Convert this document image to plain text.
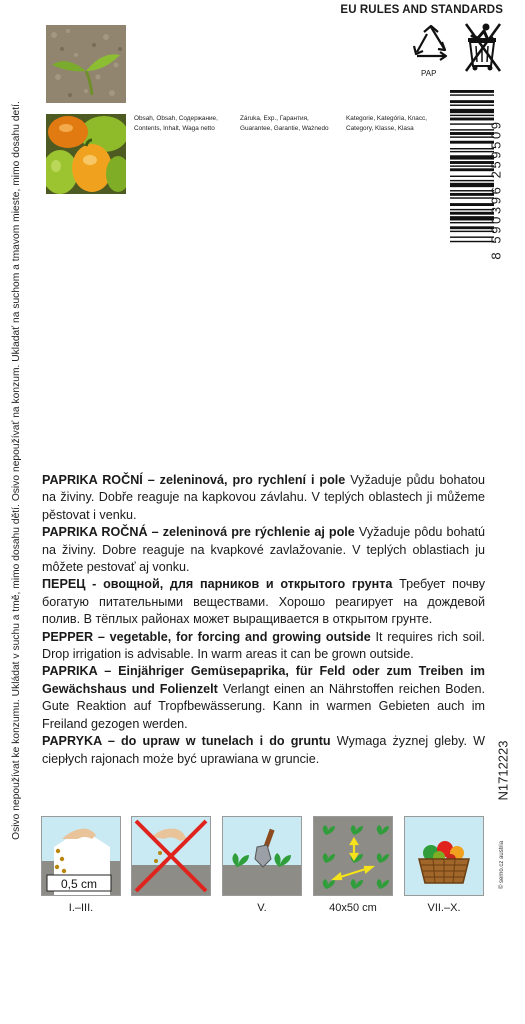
Osivo nepoužívat ke konzumu. Ukládat v suchu a tmě, mimo dosahu dětí. Osivo nepoužívať na konzum. Ukladať na suchom a tmavom mieste, mimo dosahu detí.
EU RULES AND STANDARDS
Obsah, Obsah, Содержание,
Contents, Inhalt, Waga netto
Záruka, Exp., Гарантия,
Guarantee, Garantie, Ważnedo
Kategorie, Kategória, Класс,
Category, Klasse, Klasa
PAP
8 590396 259509

PAPRIKA ROČNÍ – zeleninová, pro rychlení i pole Vyžaduje půdu bohatou na živiny. Dobře reaguje na kapkovou závlahu. V teplých oblastech ji můžeme pěstovat i venku.

PAPRIKA ROČNÁ – zeleninová pre rýchlenie aj pole Vyžaduje pôdu bohatú na živiny. Dobre reaguje na kvapkové zavlažovanie. V teplých oblastiach ju môžete pestovať aj vonku.

ПЕРЕЦ - овощной, для парников и открытого грунта Требует почву богатую питательными веществами. Хорошо реагирует на дождевой полив. В тёплых районах может выращивается в открытом грунте.

PEPPER – vegetable, for forcing and growing outside It requires rich soil. Drop irrigation is advisable. In warm areas it can be grown outside.

PAPRIKA – Einjähriger Gemüsepaprika, für Feld oder zum Treiben im Gewächshaus und Folienzelt Verlangt einen an Nährstoffen reichen Boden. Gute Reaktion auf Tropfbewässerung. Kann in warmen Gebieten auch im Freiland gezogen werden.

PAPRYKA – do upraw w tunelach i do gruntu Wymaga żyznej gleby. W ciepłych rajonach może być uprawiana w gruncie.	N1712223
© semo.cz austria
0,5 cm
I.–III.	V.	40x50 cm	VII.–X.
